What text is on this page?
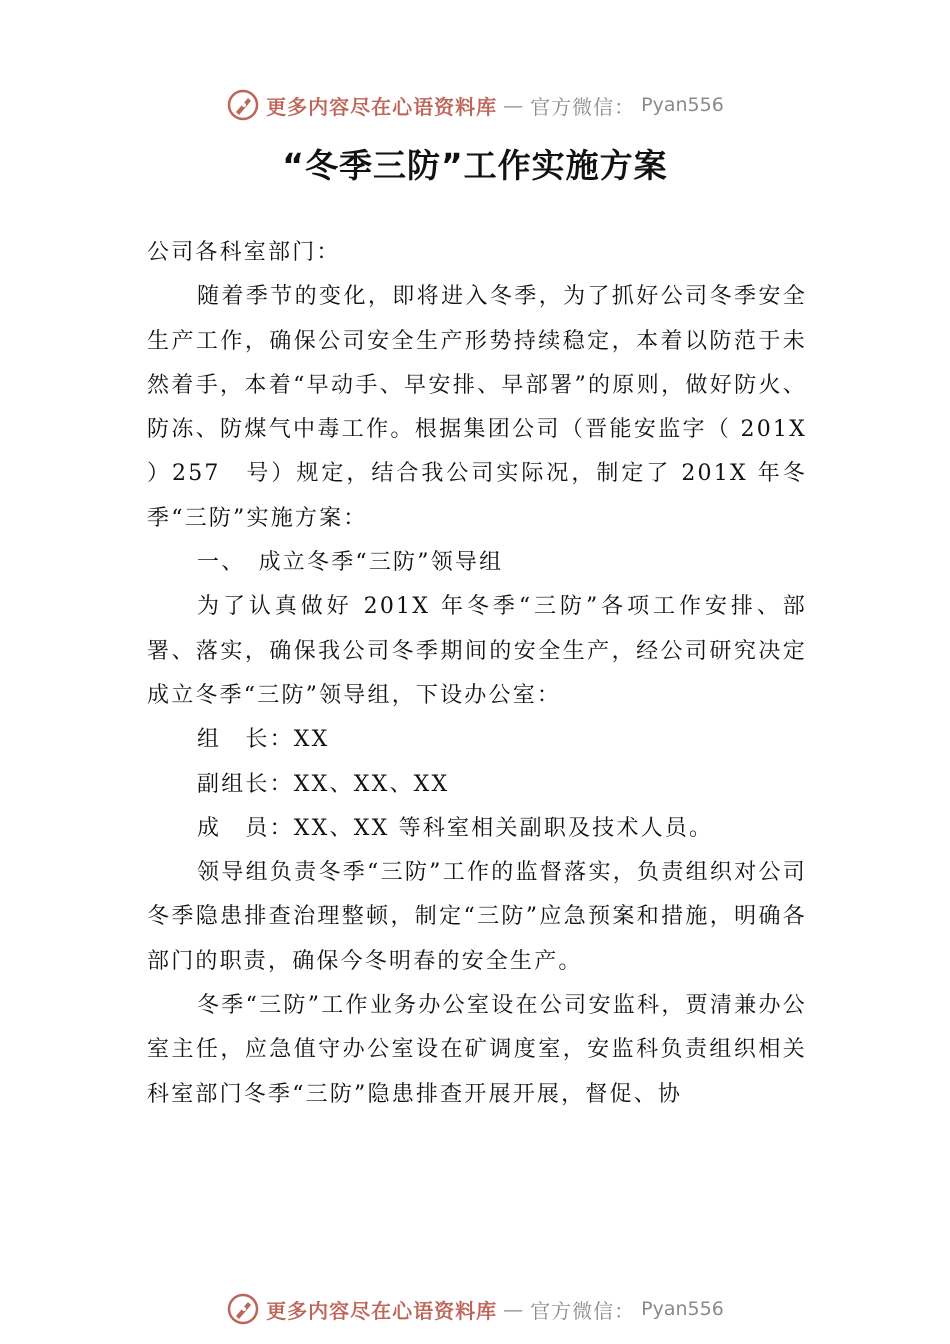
更多内容尽在心语资料库 — 官方微信： Pyan556
“冬季三防”工作实施方案

公司各科室部门：

随着季节的变化，即将进入冬季，为了抓好公司冬季安全生产工作，确保公司安全生产形势持续稳定，本着以防范于未然着手，本着“早动手、早安排、早部署”的原则，做好防火、防冻、防煤气中毒工作。根据集团公司（晋能安监字（ 201X ）257　号）规定，结合我公司实际况，制定了 201X 年冬季“三防”实施方案：

一、　成立冬季“三防”领导组

为了认真做好 201X 年冬季“三防”各项工作安排、部署、落实，确保我公司冬季期间的安全生产，经公司研究决定成立冬季“三防”领导组，下设办公室：

组　长：XX

副组长：XX、XX、XX

成　员：XX、XX 等科室相关副职及技术人员。

领导组负责冬季“三防”工作的监督落实，负责组织对公司冬季隐患排查治理整顿，制定“三防”应急预案和措施，明确各部门的职责，确保今冬明春的安全生产。

冬季“三防”工作业务办公室设在公司安监科，贾清兼办公室主任，应急值守办公室设在矿调度室，安监科负责组织相关科室部门冬季“三防”隐患排查开展开展，督促、协

更多内容尽在心语资料库 — 官方微信： Pyan556
